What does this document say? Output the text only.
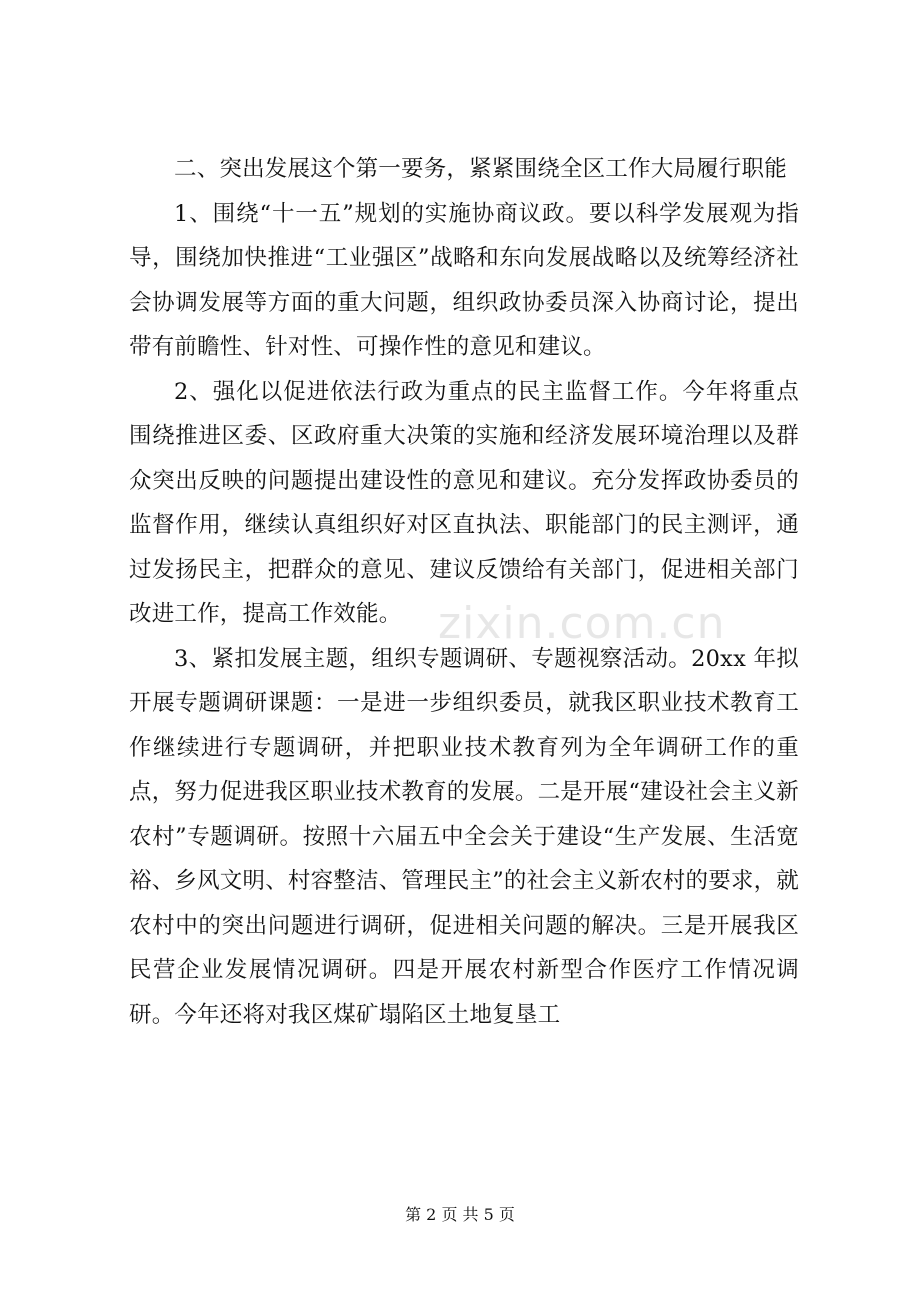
二、突出发展这个第一要务，紧紧围绕全区工作大局履行职能

1、围绕“十一五”规划的实施协商议政。要以科学发展观为指导，围绕加快推进“工业强区”战略和东向发展战略以及统筹经济社会协调发展等方面的重大问题，组织政协委员深入协商讨论，提出带有前瞻性、针对性、可操作性的意见和建议。

2、强化以促进依法行政为重点的民主监督工作。今年将重点围绕推进区委、区政府重大决策的实施和经济发展环境治理以及群众突出反映的问题提出建设性的意见和建议。充分发挥政协委员的监督作用，继续认真组织好对区直执法、职能部门的民主测评，通过发扬民主，把群众的意见、建议反馈给有关部门，促进相关部门改进工作，提高工作效能。

3、紧扣发展主题，组织专题调研、专题视察活动。20xx 年拟开展专题调研课题：一是进一步组织委员，就我区职业技术教育工作继续进行专题调研，并把职业技术教育列为全年调研工作的重点，努力促进我区职业技术教育的发展。二是开展“建设社会主义新农村”专题调研。按照十六届五中全会关于建设“生产发展、生活宽裕、乡风文明、村容整洁、管理民主”的社会主义新农村的要求，就农村中的突出问题进行调研，促进相关问题的解决。三是开展我区民营企业发展情况调研。四是开展农村新型合作医疗工作情况调研。今年还将对我区煤矿塌陷区土地复垦工

zixin.com.cn
第 2 页 共 5 页
